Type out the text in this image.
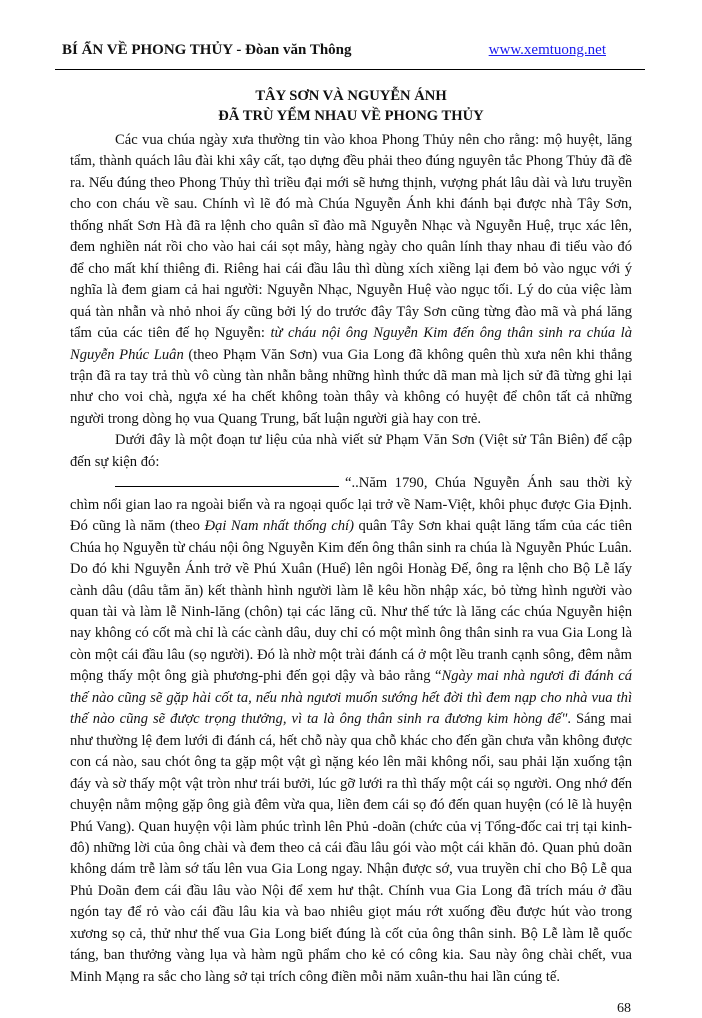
BÍ ẨN VỀ PHONG THỦY - Đòan văn Thông	www.xemtuong.net
TÂY SƠN VÀ NGUYỄN ÁNH
ĐÃ TRÙ YỂM NHAU VỀ PHONG THỦY

Các vua chúa ngày xưa thường tin vào khoa Phong Thủy nên cho rằng: mộ huyệt, lăng tẩm, thành quách lâu đài khi xây cất, tạo dựng đều phải theo đúng nguyên tắc Phong Thủy đã đề ra. Nếu đúng theo Phong Thủy thì triều đại mới sẽ hưng thịnh, vượng phát lâu dài và lưu truyền cho con cháu về sau. Chính vì lẽ đó mà Chúa Nguyễn Ánh khi đánh bại được nhà Tây Sơn, thống nhất Sơn Hà đã ra lệnh cho quân sĩ đào mã Nguyễn Nhạc và Nguyễn Huệ, trục xác lên, đem nghiền nát rồi cho vào hai cái sọt mây, hàng ngày cho quân lính thay nhau đi tiểu vào đó để cho mất khí thiêng đi. Riêng hai cái đầu lâu thì dùng xích xiềng lại đem bỏ vào ngục với ý nghĩa là đem giam cả hai người: Nguyễn Nhạc, Nguyễn Huệ vào ngục tối. Lý do của việc làm quá tàn nhẫn và nhỏ nhoi ấy cũng bởi lý do trước đây Tây Sơn cũng từng đào mã và phá lăng tẩm của các tiên đế họ Nguyễn: từ cháu nội ông Nguyễn Kim đến ông thân sinh ra chúa là Nguyễn Phúc Luân (theo Phạm Văn Sơn) vua Gia Long đã không quên thù xưa nên khi thắng trận đã ra tay trả thù vô cùng tàn nhẫn bằng những hình thức dã man mà lịch sử đã từng ghi lại như cho voi chà, ngựa xé ha chết không toàn thây và không có huyệt để chôn tất cả những người trong dòng họ vua Quang Trung, bất luận người già hay con trẻ.

Dưới đây là một đoạn tư liệu của nhà viết sử Phạm Văn Sơn (Việt sử Tân Biên) để cập đến sự kiện đó:

“..Năm 1790, Chúa Nguyễn Ánh sau thời kỳ chìm nổi gian lao ra ngoài biển và ra ngoại quốc lại trở về Nam-Việt, khôi phục được Gia Định. Đó cũng là năm (theo Đại Nam nhất thống chí) quân Tây Sơn khai quật lăng tẩm của các tiên Chúa họ Nguyễn từ cháu nội ông Nguyễn Kim đến ông thân sinh ra chúa là Nguyễn Phúc Luân. Do đó khi Nguyễn Ánh trở về Phú Xuân (Huế) lên ngôi Honàg Đế, ông ra lệnh cho Bộ Lễ lấy cành dâu (dâu tằm ăn) kết thành hình người làm lễ kêu hồn nhập xác, bỏ từng hình người vào quan tài và làm lễ Ninh-lăng (chôn) tại các lăng cũ. Như thế tức là lăng các chúa Nguyễn hiện nay không có cốt mà chỉ là các cành dâu, duy chỉ có một mình ông thân sinh ra vua Gia Long là còn một cái đầu lâu (sọ người). Đó là nhờ một trài đánh cá ở một lều tranh cạnh sông, đêm nằm mộng thấy một ông già phương-phi đến gọi dậy và bảo rằng “Ngày mai nhà ngươi đi đánh cá thế nào cũng sẽ gặp hài cốt ta, nếu nhà ngươi muốn sướng hết đời thì đem nạp cho nhà vua thì thế nào cũng sẽ được trọng thưởng, vì ta là ông thân sinh ra đương kim hòng đế". Sáng mai như thường lệ đem lưới đi đánh cá, hết chỗ này qua chỗ khác cho đến gần chưa vẫn không được con cá nào, sau chót ông ta gặp một vật gì nặng kéo lên mãi không nổi, sau phải lặn xuống tận đáy và sờ thấy một vật tròn như trái bưởi, lúc gỡ lưới ra thì thấy một cái sọ người. Ong nhớ đến chuyện nằm mộng gặp ông già đêm vừa qua, liền đem cái sọ đó đến quan huyện (có lẽ là huyện Phú Vang). Quan huyện vội làm phúc trình lên Phủ -doãn (chức của vị Tổng-đốc cai trị tại kinh-đô) những lời của ông chài và đem theo cả cái đầu lâu gói vào một cái khăn đỏ. Quan phủ doãn không dám trễ làm sớ tấu lên vua Gia Long ngay. Nhận được sớ, vua truyền chỉ cho Bộ Lễ qua Phủ Doãn đem cái đầu lâu vào Nội để xem hư thật. Chính vua Gia Long đã trích máu ở đầu ngón tay để rỏ vào cái đầu lâu kia và bao nhiêu giọt máu rớt xuống đều được hút vào trong xương sọ cả, thử như thế vua Gia Long biết đúng là cốt của ông thân sinh. Bộ Lễ làm lễ quốc táng, ban thưởng vàng lụa và hàm ngũ phẩm cho kẻ có công kia. Sau này ông chài chết, vua Minh Mạng ra sắc cho làng sở tại trích công điền mỗi năm xuân-thu hai lần cúng tế.

68
